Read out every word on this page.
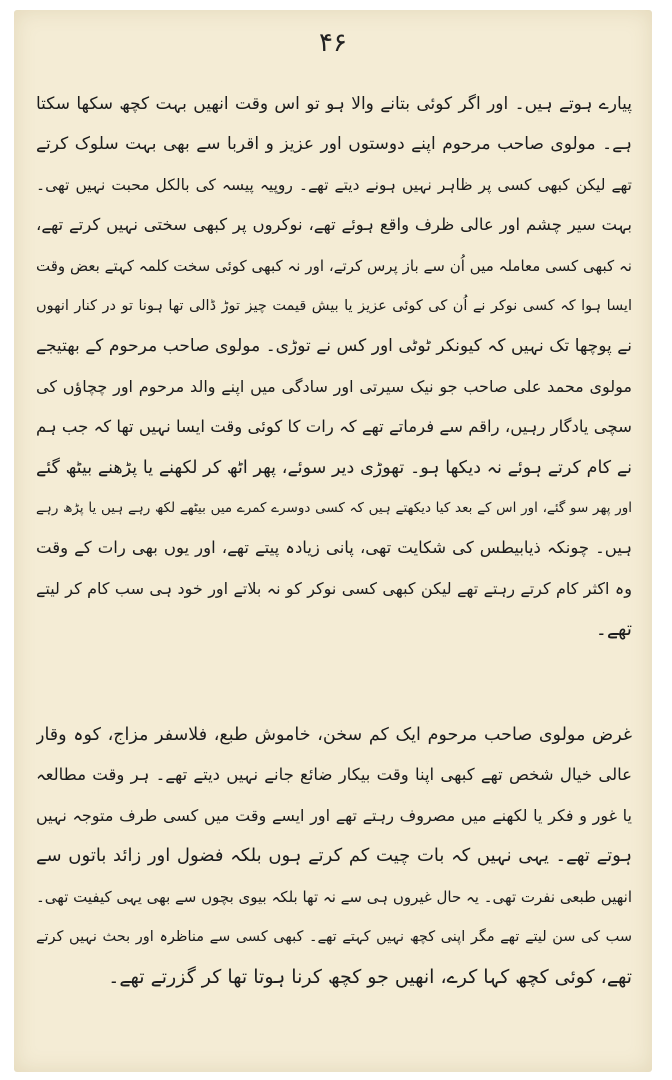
۴۶
پیارے ہوتے ہیں۔ اور اگر کوئی بتانے والا ہو تو اس وقت انھیں بہت کچھ سکھا سکتا
ہے۔ مولوی صاحب مرحوم اپنے دوستوں اور عزیز و اقربا سے بھی بہت سلوک کرتے
تھے لیکن کبھی کسی پر ظاہر نہیں ہونے دیتے تھے۔ روپیہ پیسہ کی بالکل محبت نہیں تھی۔
بہت سیر چشم اور عالی ظرف واقع ہوئے تھے، نوکروں پر کبھی سختی نہیں کرتے تھے،
نہ کبھی کسی معاملہ میں اُن سے باز پرس کرتے، اور نہ کبھی کوئی سخت کلمہ کہتے بعض وقت
ایسا ہوا کہ کسی نوکر نے اُن کی کوئی عزیز یا بیش قیمت چیز توڑ ڈالی تھا ہونا تو در کنار انھوں
نے پوچھا تک نہیں کہ کیونکر ٹوٹی اور کس نے توڑی۔ مولوی صاحب مرحوم کے بھتیجے
مولوی محمد علی صاحب جو نیک سیرتی اور سادگی میں اپنے والد مرحوم اور چچاؤں کی
سچی یادگار رہیں، راقم سے فرماتے تھے کہ رات کا کوئی وقت ایسا نہیں تھا کہ جب ہم
نے کام کرتے ہوئے نہ دیکھا ہو۔ تھوڑی دیر سوئے، پھر اٹھ کر لکھنے یا پڑھنے بیٹھ گئے
اور پھر سو گئے، اور اس کے بعد کیا دیکھتے ہیں کہ کسی دوسرے کمرے میں بیٹھے لکھ رہے ہیں یا پڑھ رہے
ہیں۔ چونکہ ذیابیطس کی شکایت تھی، پانی زیادہ پیتے تھے، اور یوں بھی رات کے وقت
وہ اکثر کام کرتے رہتے تھے لیکن کبھی کسی نوکر کو نہ بلاتے اور خود ہی سب کام کر لیتے
تھے۔
غرض مولوی صاحب مرحوم ایک کم سخن، خاموش طبع، فلاسفر مزاج، کوہ وقار
عالی خیال شخص تھے کبھی اپنا وقت بیکار ضائع جانے نہیں دیتے تھے۔ ہر وقت مطالعہ
یا غور و فکر یا لکھنے میں مصروف رہتے تھے اور ایسے وقت میں کسی طرف متوجہ نہیں
ہوتے تھے۔ یہی نہیں کہ بات چیت کم کرتے ہوں بلکہ فضول اور زائد باتوں سے
انھیں طبعی نفرت تھی۔ یہ حال غیروں ہی سے نہ تھا بلکہ بیوی بچوں سے بھی یہی کیفیت تھی۔
سب کی سن لیتے تھے مگر اپنی کچھ نہیں کہتے تھے۔ کبھی کسی سے مناظرہ اور بحث نہیں کرتے
تھے، کوئی کچھ کہا کرے، انھیں جو کچھ کرنا ہوتا تھا کر گزرتے تھے۔
